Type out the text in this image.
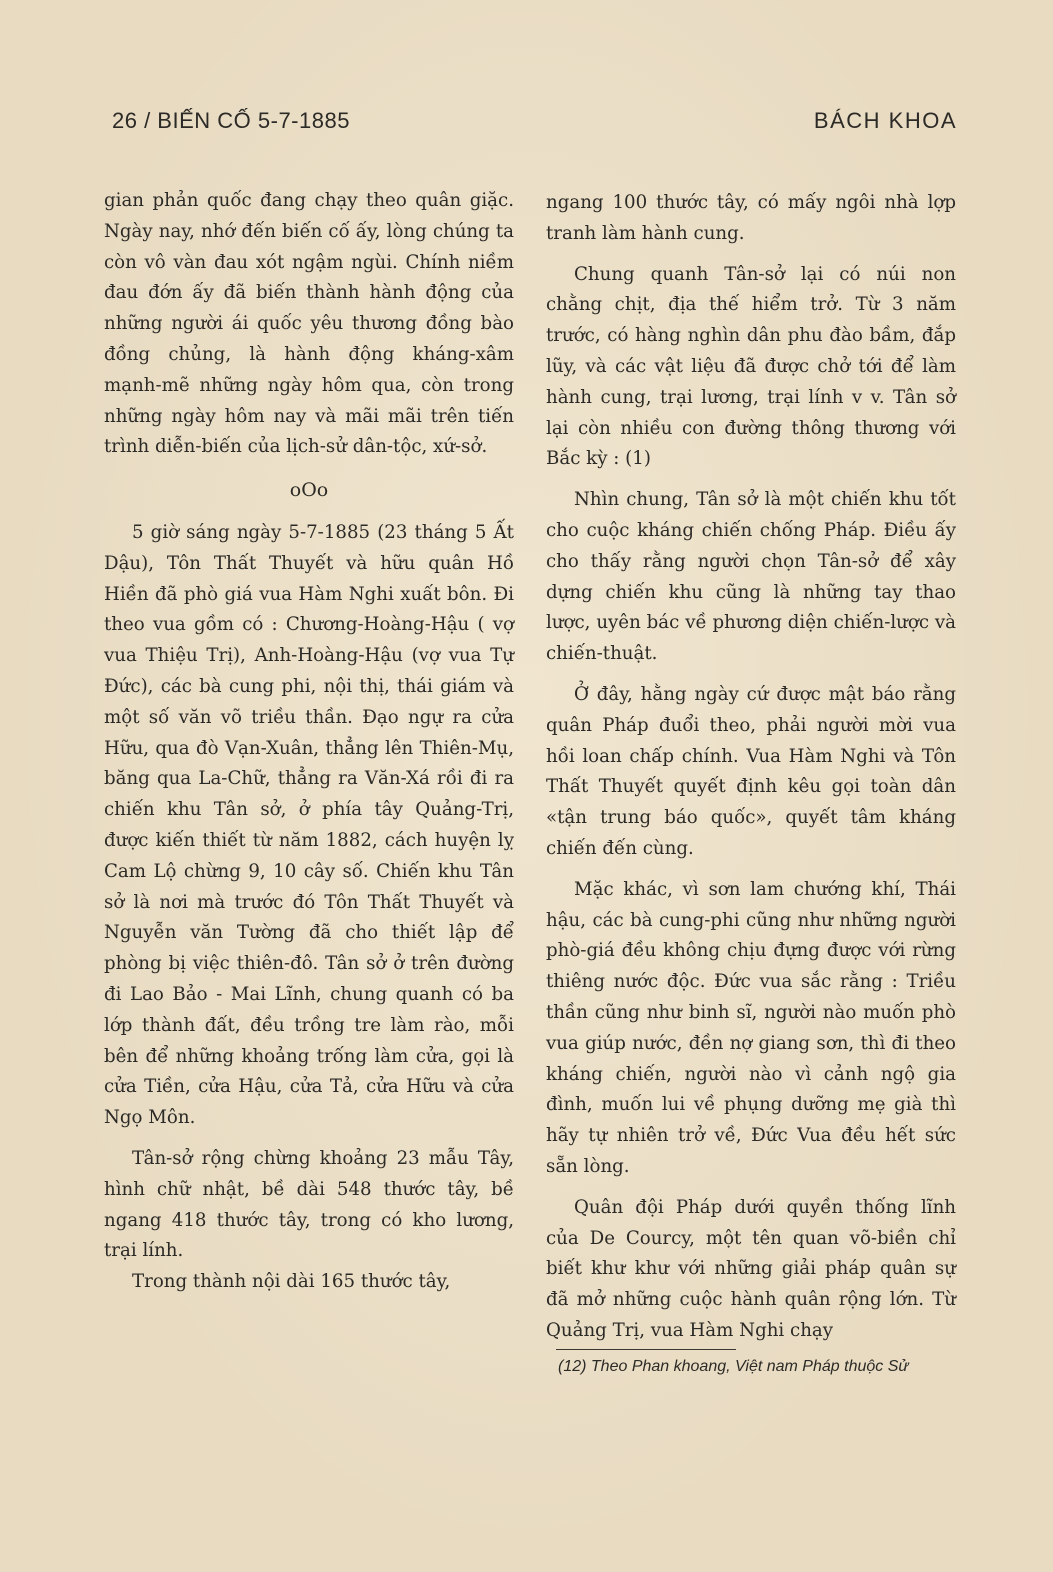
26 / BIẾN CỐ 5-7-1885	BÁCH KHOA

gian phản quốc đang chạy theo quân giặc. Ngày nay, nhớ đến biến cố ấy, lòng chúng ta còn vô vàn đau xót ngậm ngùi. Chính niềm đau đớn ấy đã biến thành hành động của những người ái quốc yêu thương đồng bào đồng chủng, là hành động kháng-xâm mạnh-mẽ những ngày hôm qua, còn trong những ngày hôm nay và mãi mãi trên tiến trình diễn-biến của lịch-sử dân-tộc, xứ-sở.

oOo

5 giờ sáng ngày 5-7-1885 (23 tháng 5 Ất Dậu), Tôn Thất Thuyết và hữu quân Hồ Hiền đã phò giá vua Hàm Nghi xuất bôn. Đi theo vua gồm có : Chương-Hoàng-Hậu ( vợ vua Thiệu Trị), Anh-Hoàng-Hậu (vợ vua Tự Đức), các bà cung phi, nội thị, thái giám và một số văn võ triều thần. Đạo ngự ra cửa Hữu, qua đò Vạn-Xuân, thẳng lên Thiên-Mụ, băng qua La-Chữ, thẳng ra Văn-Xá rồi đi ra chiến khu Tân sở, ở phía tây Quảng-Trị, được kiến thiết từ năm 1882, cách huyện lỵ Cam Lộ chừng 9, 10 cây số. Chiến khu Tân sở là nơi mà trước đó Tôn Thất Thuyết và Nguyễn văn Tường đã cho thiết lập để phòng bị việc thiên-đô. Tân sở ở trên đường đi Lao Bảo - Mai Lĩnh, chung quanh có ba lớp thành đất, đều trồng tre làm rào, mỗi bên để những khoảng trống làm cửa, gọi là cửa Tiền, cửa Hậu, cửa Tả, cửa Hữu và cửa Ngọ Môn.

Tân-sở rộng chừng khoảng 23 mẫu Tây, hình chữ nhật, bề dài 548 thước tây, bề ngang 418 thước tây, trong có kho lương, trại lính.

Trong thành nội dài 165 thước tây,

ngang 100 thước tây, có mấy ngôi nhà lợp tranh làm hành cung.

Chung quanh Tân-sở lại có núi non chằng chịt, địa thế hiểm trở. Từ 3 năm trước, có hàng nghìn dân phu đào bầm, đắp lũy, và các vật liệu đã được chở tới để làm hành cung, trại lương, trại lính v v. Tân sở lại còn nhiều con đường thông thương với Bắc kỳ : (1)

Nhìn chung, Tân sở là một chiến khu tốt cho cuộc kháng chiến chống Pháp. Điều ấy cho thấy rằng người chọn Tân-sở để xây dựng chiến khu cũng là những tay thao lược, uyên bác về phương diện chiến-lược và chiến-thuật.

Ở đây, hằng ngày cứ được mật báo rằng quân Pháp đuổi theo, phải người mời vua hồi loan chấp chính. Vua Hàm Nghi và Tôn Thất Thuyết quyết định kêu gọi toàn dân «tận trung báo quốc», quyết tâm kháng chiến đến cùng.

Mặc khác, vì sơn lam chướng khí, Thái hậu, các bà cung-phi cũng như những người phò-giá đều không chịu đựng được với rừng thiêng nước độc. Đức vua sắc rằng : Triều thần cũng như binh sĩ, người nào muốn phò vua giúp nước, đền nợ giang sơn, thì đi theo kháng chiến, người nào vì cảnh ngộ gia đình, muốn lui về phụng dưỡng mẹ già thì hãy tự nhiên trở về, Đức Vua đều hết sức sẵn lòng.

Quân đội Pháp dưới quyền thống lĩnh của De Courcy, một tên quan võ-biền chỉ biết khư khư với những giải pháp quân sự đã mở những cuộc hành quân rộng lớn. Từ Quảng Trị, vua Hàm Nghi chạy

(12) Theo Phan khoang, Việt nam Pháp thuộc Sử
